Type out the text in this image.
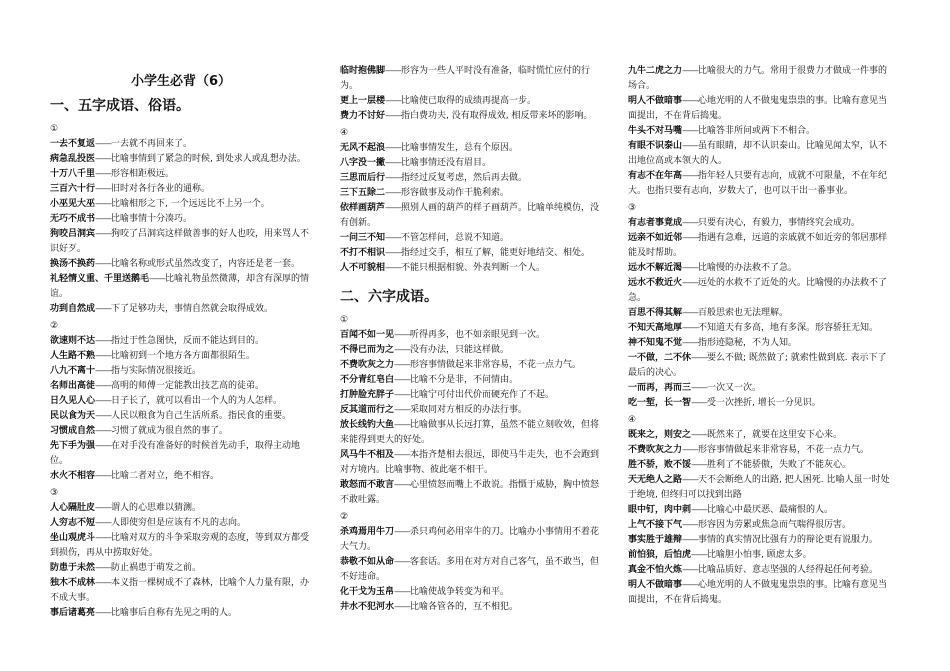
小学生必背（6）
一、五字成语、俗语。
①
一去不复返——一去就不再回来了。
病急乱投医——比喻事情到了紧急的时候, 到处求人或乱想办法。
十万八千里——形容相距极远。
三百六十行——旧时对各行各业的通称。
小巫见大巫——比喻相形之下, 一个远远比不上另一个。
无巧不成书——比喻事情十分凑巧。
狗咬吕洞宾——狗咬了吕洞宾这样做善事的好人也咬，用来骂人不识好歹。
换汤不换药——比喻名称或形式虽然改变了，内容还是老一套。
礼轻情义重、千里送鹅毛——比喻礼物虽然微薄，却含有深厚的情谊。
功到自然成——下了足够功夫，事情自然就会取得成效。
②
欲速则不达——指过于性急图快，反而不能达到目的。
人生路不熟——比喻初到一个地方各方面都很陌生。
八九不离十——指与实际情况很接近。
名师出高徒——高明的师傅一定能教出技艺高的徒弟。
日久见人心——日子长了，就可以看出一个人的为人怎样。
民以食为天——人民以粮食为自己生活所系。指民食的重要。
习惯成自然——习惯了就成为很自然的事了。
先下手为强——在对手没有准备好的时候首先动手，取得主动地位。
水火不相容——比喻二者对立，绝不相容。
③
人心隔肚皮——谓人的心思难以猜测。
人穷志不短——人即使穷但是应该有不凡的志向。
坐山观虎斗——比喻对双方的斗争采取旁观的态度，等到双方都受到损伤，再从中捞取好处。
防患于未然——防止祸患于萌发之前。
独木不成林——本义指一棵树成不了森林，比喻个人力量有限，办不成大事。
事后诸葛亮——比喻事后自称有先见之明的人。
临时抱佛脚——形容为一些人平时没有准备，临时慌忙应付的行为。
更上一层楼——比喻使已取得的成绩再提高一步。
费力不讨好——指白费功夫, 没有取得成效, 相反带来坏的影响。
④
无风不起浪——比喻事情发生，总有个原因。
八字没一撇——比喻事情还没有眉目。
三思而后行——指经过反复考虑，然后再去做。
三下五除二——形容做事及动作干脆利索。
依样画葫芦——照别人画的葫芦的样子画葫芦。比喻单纯模仿，没有创新。
一问三不知——不管怎样问，总说不知道。
不打不相识——指经过交手，相互了解，能更好地结交、相处。
人不可貌相——不能只根据相貌、外表判断一个人。
二、六字成语。
①
百闻不如一见——听得再多，也不如亲眼见到一次。
不得已而为之——没有办法，只能这样做。
不费吹灰之力——形容事情做起来非常容易，不花一点力气。
不分青红皂白——比喻不分是非，不问情由。
打肿脸充胖子——比喻宁可付出代价而硬充作了不起。
反其道而行之——采取同对方相反的办法行事。
放长线钓大鱼——比喻做事从长远打算，虽然不能立刻收效，但将来能得到更大的好处。
风马牛不相及——本指齐楚相去很远，即使马牛走失，也不会跑到对方境内。比喻事物、彼此毫不相干。
敢怒而不敢言——心里愤怒而嘴上不敢说。指慑于威胁，胸中愤怒不敢吐露。
②
杀鸡焉用牛刀——杀只鸡何必用宰牛的刀。比喻办小事情用不着花大气力。
恭敬不如从命——客套话。多用在对方对自己客气，虽不敢当，但不好违命。
化干戈为玉帛——比喻使战争转变为和平。
井水不犯河水——比喻各管各的，互不相犯。
九牛二虎之力——比喻很大的力气。常用于很费力才做成一件事的场合。
明人不做暗事——心地光明的人不做鬼鬼祟祟的事。比喻有意见当面提出，不在背后捣鬼。
牛头不对马嘴——比喻答非所问或两下不相合。
有眼不识泰山——虽有眼睛，却不认识泰山。比喻见闻太窄，认不出地位高或本领大的人。
有志不在年高——指年轻人只要有志向，成就不可限量，不在年纪大。也指只要有志向，岁数大了，也可以干出一番事业。
③
有志者事竟成——只要有决心，有毅力，事情终究会成功。
远亲不如近邻——指遇有急难，远道的亲戚就不如近旁的邻居那样能及时帮助。
远水不解近渴——比喻慢的办法救不了急。
远水不救近火——远处的水救不了近处的火。比喻慢的办法救不了急。
百思不得其解——百般思索也无法理解。
不知天高地厚——不知道天有多高，地有多深。形容骄狂无知。
神不知鬼不觉——指形迹隐秘，不为人知。
一不做，二不休——要么不做; 既然做了; 就索性做到底. 表示下了最后的决心。
一而再，再而三——一次又一次。
吃一堑，长一智——受一次挫折, 增长一分见识。
④
既来之，则安之——既然来了，就要在这里安下心来。
不费吹灰之力——形容事情做起来非常容易，不花一点力气。
胜不骄，败不馁——胜利了不能骄傲，失败了不能灰心。
天无绝人之路——天不会断绝人的出路, 把人困死. 比喻人虽一时处于绝境, 但终归可以找到出路
眼中钉，肉中刺——比喻心中最厌恶、最痛恨的人。
上气不接下气——形容因为劳累或焦急而气喘得很厉害。
事实胜于雄辩——事情的真实情况比强有力的辩论更有说服力。
前怕狼，后怕虎——比喻胆小怕事, 顾虑太多。
真金不怕火炼——比喻品质好、意志坚强的人经得起任何考验。
明人不做暗事——心地光明的人不做鬼鬼祟祟的事。比喻有意见当面提出，不在背后捣鬼。
